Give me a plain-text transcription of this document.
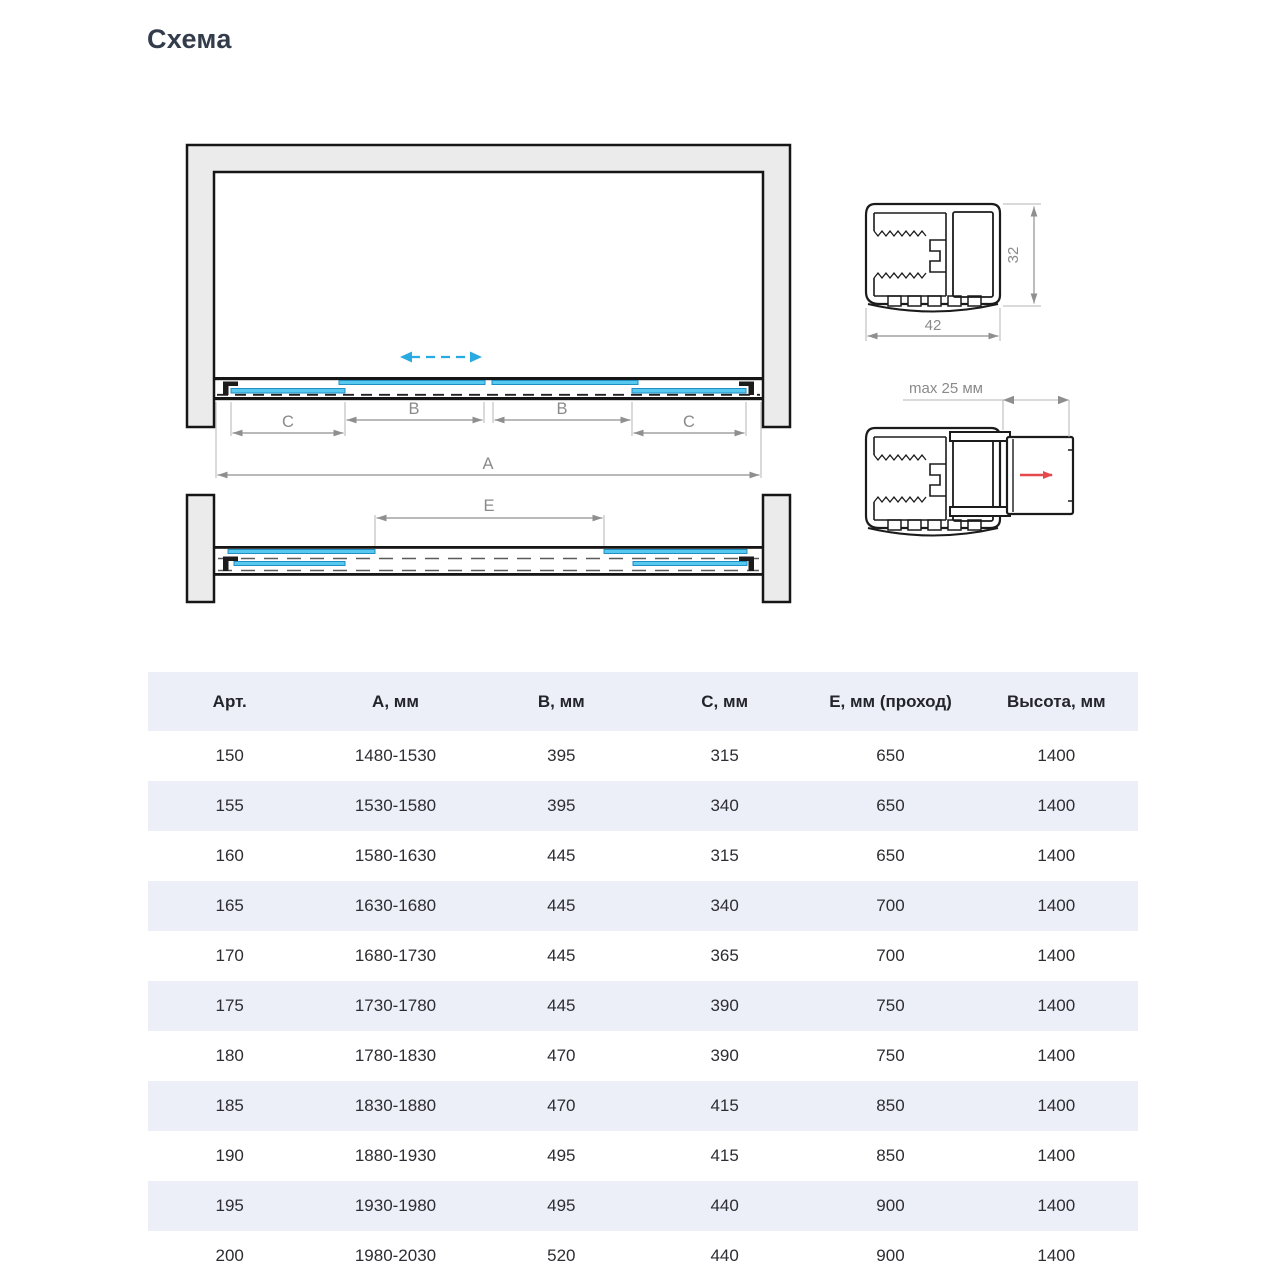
Схема
B	B
C	C
A
E
32
42
max 25 мм
Арт.	А, мм	В, мм	С, мм	Е, мм (проход)	Высота, мм
150	1480-1530	395	315	650	1400
155	1530-1580	395	340	650	1400
160	1580-1630	445	315	650	1400
165	1630-1680	445	340	700	1400
170	1680-1730	445	365	700	1400
175	1730-1780	445	390	750	1400
180	1780-1830	470	390	750	1400
185	1830-1880	470	415	850	1400
190	1880-1930	495	415	850	1400
195	1930-1980	495	440	900	1400
200	1980-2030	520	440	900	1400
